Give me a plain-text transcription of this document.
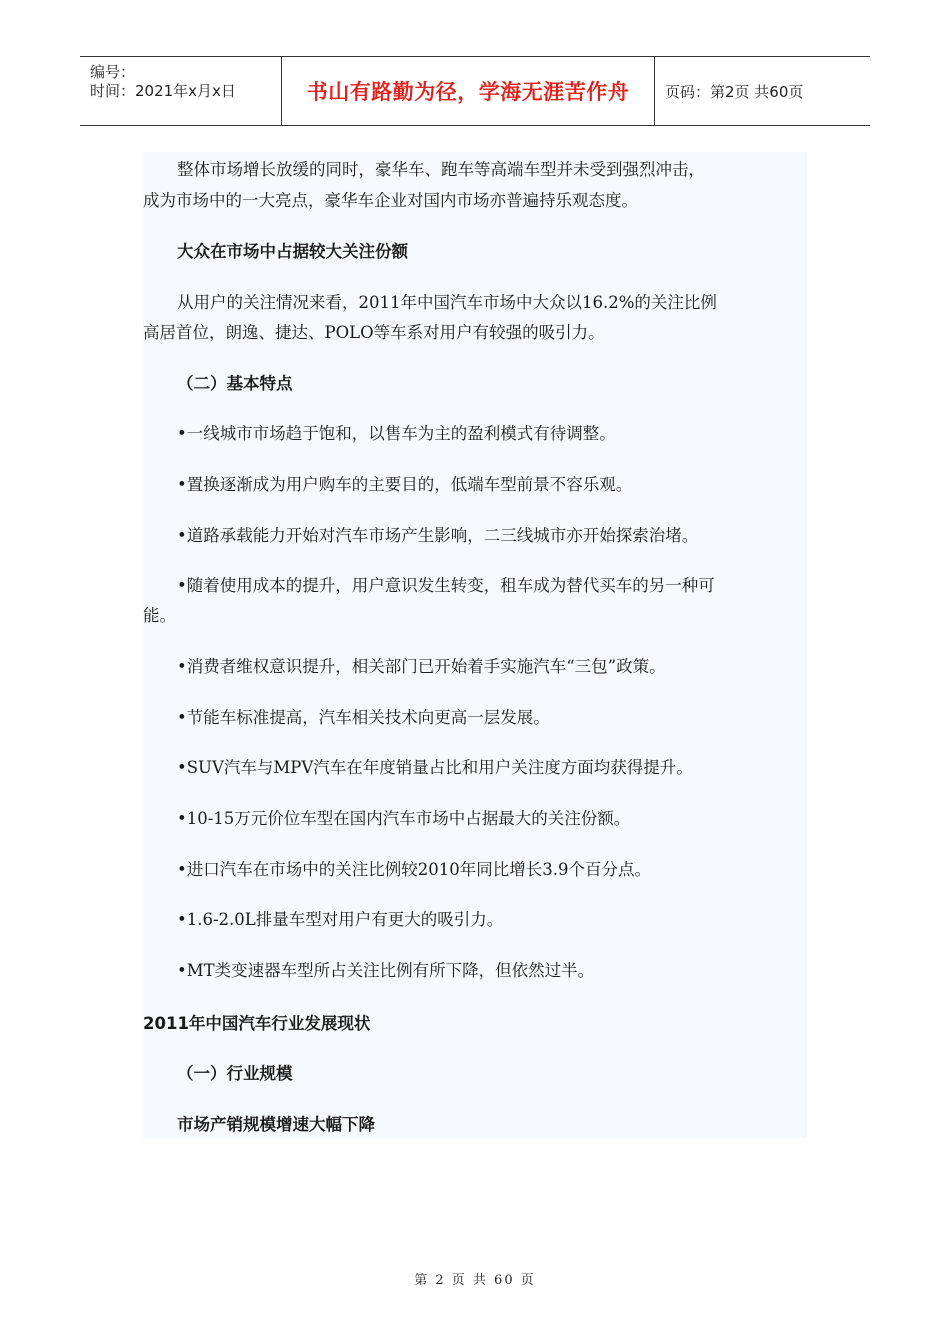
编号：
时间：2021年x月x日	书山有路勤为径，学海无涯苦作舟	页码：第2页 共60页
整体市场增长放缓的同时，豪华车、跑车等高端车型并未受到强烈冲击，
成为市场中的一大亮点，豪华车企业对国内市场亦普遍持乐观态度。
大众在市场中占据较大关注份额
从用户的关注情况来看，2011年中国汽车市场中大众以16.2%的关注比例
高居首位，朗逸、捷达、POLO等车系对用户有较强的吸引力。
（二）基本特点
•一线城市市场趋于饱和，以售车为主的盈利模式有待调整。
•置换逐渐成为用户购车的主要目的，低端车型前景不容乐观。
•道路承载能力开始对汽车市场产生影响，二三线城市亦开始探索治堵。
•随着使用成本的提升，用户意识发生转变，租车成为替代买车的另一种可
能。
•消费者维权意识提升，相关部门已开始着手实施汽车“三包”政策。
•节能车标准提高，汽车相关技术向更高一层发展。
•SUV汽车与MPV汽车在年度销量占比和用户关注度方面均获得提升。
•10-15万元价位车型在国内汽车市场中占据最大的关注份额。
•进口汽车在市场中的关注比例较2010年同比增长3.9个百分点。
•1.6-2.0L排量车型对用户有更大的吸引力。
•MT类变速器车型所占关注比例有所下降，但依然过半。
2011年中国汽车行业发展现状
（一）行业规模
市场产销规模增速大幅下降
第 2 页 共 60 页
